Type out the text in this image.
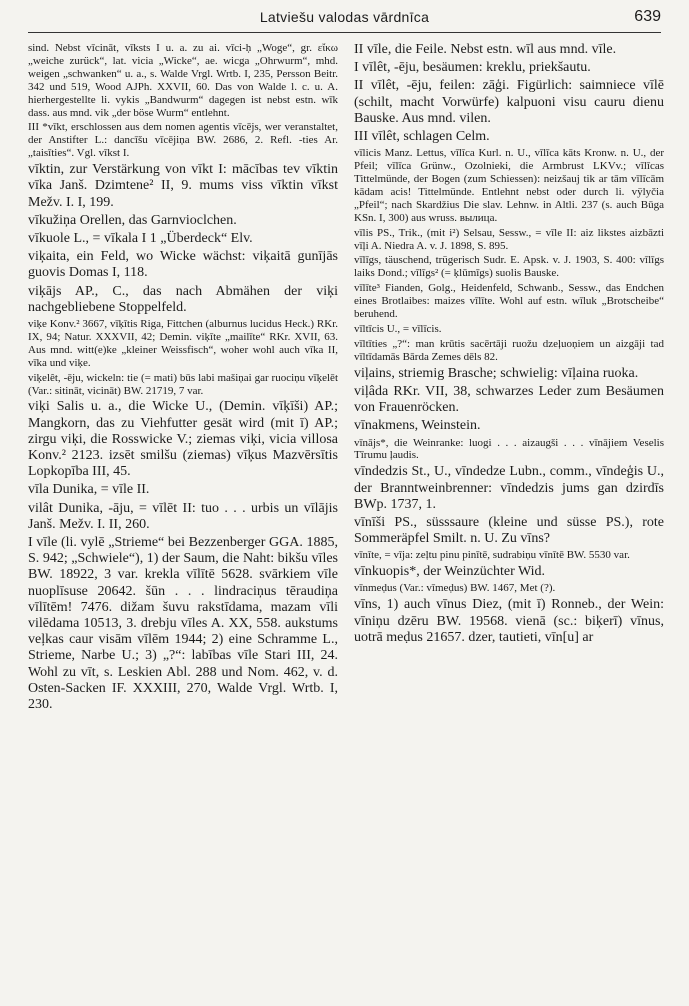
Latviešu valodas vārdnīca	639

sind. Nebst vīcināt, vīksts I u. a. zu ai. vīci-ḥ „Woge“, gr. εἴκω „weiche zurück“, lat. vicia „Wicke“, ae. wicga „Ohrwurm“, mhd. weigen „schwanken“ u. a., s. Walde Vrgl. Wrtb. I, 235, Persson Beitr. 342 und 519, Wood AJPh. XXVII, 60. Das von Walde l. c. u. A. hierhergestellte li. vykis „Bandwurm“ dagegen ist nebst estn. wīk dass. aus mnd. vik „der böse Wurm“ entlehnt.

III *vīkt, erschlossen aus dem nomen agentis vīcējs, wer veranstaltet, der Anstifter L.: dancīšu vīcējiņa BW. 2686, 2. Refl. -ties Ar. „taisīties“. Vgl. vīkst I.

vīktin, zur Verstärkung von vīkt I: mācības tev vīktin vīka Janš. Dzimtene² II, 9. mums viss vīktin vīkst Mežv. I. I, 199.

vīkužiņa Orellen, das Garnvioclchen.

vīkuole L., = vīkala I 1 „Überdeck“ Elv.

viķaita, ein Feld, wo Wicke wächst: viķaitā gunījās guovis Domas I, 118.

viķājs AP., C., das nach Abmähen der viķi nachgebliebene Stoppelfeld.

viķe Konv.² 3667, vīķītis Riga, Fittchen (alburnus lucidus Heck.) RKr. IX, 94; Natur. XXXVII, 42; Demin. viķīte „mailīte“ RKr. XVII, 63. Aus mnd. witt(e)ke „kleiner Weissfisch“, woher wohl auch vīka II, vīka und viķe.

viķelêt, -ēju, wickeln: tie (= mati) būs labi mašiņai gar ruociņu vīķelēt (Var.: sitināt, vicināt) BW. 21719, 7 var.

viķi Salis u. a., die Wicke U., (Demin. vīķīši) AP.; Mangkorn, das zu Viehfutter gesät wird (mit ī) AP.; zirgu viķi, die Rosswicke V.; ziemas viķi, vicia villosa Konv.² 2123. izsēt smilšu (ziemas) vīķus Mazvērsītis Lopkopība III, 45.

vīla Dunika, = vīle II.

vilât Dunika, -āju, = vīlēt II: tuo . . . urbis un vīlājis Janš. Mežv. I. II, 260.

I vīle (li. vylē „Strieme“ bei Bezzenberger GGA. 1885, S. 942; „Schwiele“), 1) der Saum, die Naht: bikšu vīles BW. 18922, 3 var. krekla vīlītē 5628. svārkiem vīle nuoplīsuse 20642. šūn . . . lindraciņus tēraudiņa vīlītēm! 7476. dižam šuvu rakstīdama, mazam vīli vilēdama 10513, 3. drebju vīles A. XX, 558. aukstums veļkas caur visām vīlēm 1944; 2) eine Schramme L., Strieme, Narbe U.; 3) „?“: labības vīle Stari III, 24. Wohl zu vīt, s. Leskien Abl. 288 und Nom. 462, v. d. Osten-Sacken IF. XXXIII, 270, Walde Vrgl. Wrtb. I, 230.

II vīle, die Feile. Nebst estn. wīl aus mnd. vīle.

I vīlêt, -ēju, besäumen: kreklu, priekšautu.

II vīlêt, -ēju, feilen: zāģi. Figürlich: saimniece vīlē (schilt, macht Vorwürfe) kalpuoni visu cauru dienu Bauske. Aus mnd. vilen.

III vīlêt, schlagen Celm.

vīlicis Manz. Lettus, vīlīca Kurl. n. U., vīlīca kāts Kronw. n. U., der Pfeil; vīlīca Grünw., Ozolnieki, die Armbrust LKVv.; vīlīcas Tittelmünde, der Bogen (zum Schiessen): neizšauj tik ar tām vīlīcām kādam acis! Tittelmünde. Entlehnt nebst oder durch li. vÿlyčia „Pfeil“; nach Skardžius Die slav. Lehnw. in Altli. 237 (s. auch Būga KSn. I, 300) aus wruss. вылица.

vīlis PS., Trik., (mit i²) Selsau, Sessw., = vīle II: aiz likstes aizbāzti vīļi A. Niedra A. v. J. 1898, S. 895.

vīlīgs, täuschend, trügerisch Sudr. E. Apsk. v. J. 1903, S. 400: vīlīgs laiks Dond.; vīlīgs² (= ķlūmīgs) suolis Bauske.

vīlīte³ Fianden, Golg., Heidenfeld, Schwanb., Sessw., das Endchen eines Brotlaibes: maizes vīlīte. Wohl auf estn. wīluk „Brotscheibe“ beruhend.

vīltīcis U., = vīlīcis.

vīltīties „?“: man krūtis sacērtāji ruožu dzeļuoņiem un aizgāji tad vīltīdamās Bārda Zemes dēls 82.

viļains, striemig Brasche; schwielig: vīļaina ruoka.

viļâda RKr. VII, 38, schwarzes Leder zum Besäumen von Frauenröcken.

vīnakmens, Weinstein.

vīnājs*, die Weinranke: luogi . . . aizaugši . . . vīnājiem Veselis Tīrumu ļaudis.

vīndedzis St., U., vīndedze Lubn., comm., vīndeģis U., der Branntweinbrenner: vīndedzis jums gan dzirdīs BWp. 1737, 1.

vīnīši PS., süsssaure (kleine und süsse PS.), rote Sommeräpfel Smilt. n. U. Zu vīns?

vīnīte, = vīja: zeļtu pinu pinītē, sudrabiņu vīnītē BW. 5530 var.

vīnkuopis*, der Weinzüchter Wid.

vīnmeḍus (Var.: vīmeḍus) BW. 1467, Met (?).

vīns, 1) auch vīnus Diez, (mit ī) Ronneb., der Wein: vīniņu dzēru BW. 19568. vienā (sc.: biķerī) vīnus, uotrā meḍus 21657. dzer, tautieti, vīn[u] ar
